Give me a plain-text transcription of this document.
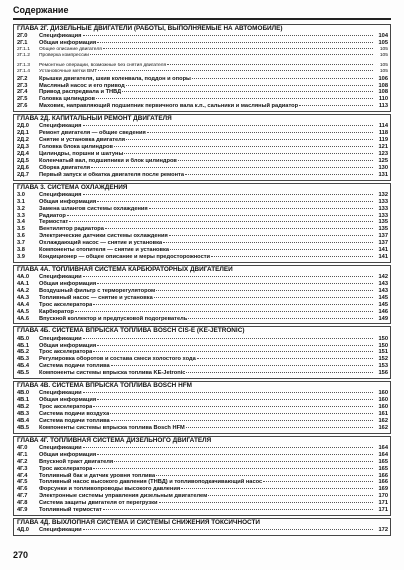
Содержание
ГЛАВА 2Г. ДИЗЕЛЬНЫЕ ДВИГАТЕЛИ (РАБОТЫ, ВЫПОЛНЯЕМЫЕ НА АВТОМОБИЛЕ)
2Г.0	Спецификация	104
2Г.1	Общая информация	105
2Г.1.1	Общее описание двигателя	105
2Г.1.2	Проверка компрессии	105
2Г.1.3	Ремонтные операции, возможные без снятия двигателя	105
2Г.1.4	Установочные метки ВМТ	105
2Г.2	Крышки двигателя, шкив коленвала, поддон и опоры	106
2Г.3	Масляный насос и его привод	108
2Г.4	Привод распредвала и ТНВД	108
2Г.5	Головка цилиндров	110
2Г.6	Маховик, направляющий подшипник первичного вала к.п., сальники и масляный радиатор	113
ГЛАВА 2Д. КАПИТАЛЬНЫЙ РЕМОНТ ДВИГАТЕЛЯ
2Д.0	Спецификация	114
2Д.1	Ремонт двигателя — общие сведения	118
2Д.2	Снятие и установка двигателя	119
2Д.3	Головка блока цилиндров	121
2Д.4	Цилиндры, поршни и шатуны	123
2Д.5	Коленчатый вал, подшипники и блок цилиндров	125
2Д.6	Сборка двигателя	130
2Д.7	Первый запуск и обкатка двигателя после ремонта	131
ГЛАВА 3. СИСТЕМА ОХЛАЖДЕНИЯ
3.0	Спецификация	132
3.1	Общая информация	133
3.2	Замена шлангов системы охлаждения	133
3.3	Радиатор	133
3.4	Термостат	135
3.5	Вентилятор радиатора	135
3.6	Электрические датчики системы охлаждения	137
3.7	Охлаждающий насос — снятие и установка	137
3.8	Компоненты отопителя — снятие и установка	141
3.9	Кондиционер — общее описание и меры предосторожности	141
ГЛАВА 4А. ТОПЛИВНАЯ СИСТЕМА КАРБЮРАТОРНЫХ ДВИГАТЕЛЕЙ
4А.0	Спецификации	142
4А.1	Общая информация	143
4А.2	Воздушный фильтр с терморегулятором	143
4А.3	Топливный насос — снятие и установка	145
4А.4	Трос акселератора	145
4А.5	Карбюратор	146
4А.6	Впускной коллектор и предпусковой подогреватель	149
ГЛАВА 4Б. СИСТЕМА ВПРЫСКА ТОПЛИВА BOSCH CIS-E (KE-JETRONIC)
4Б.0	Спецификации	150
4Б.1	Общая информация	150
4Б.2	Трос акселератора	151
4Б.3	Регулировка оборотов и состава смеси холостого хода	152
4Б.4	Система подачи топлива	153
4Б.5	Компоненты системы впрыска топлива KE-Jetronic	156
ГЛАВА 4В. СИСТЕМА ВПРЫСКА ТОПЛИВА BOSCH HFM
4В.0	Спецификации	160
4В.1	Общая информация	160
4В.2	Трос акселератора	160
4В.3	Система подачи воздуха	161
4В.4	Система подачи топлива	162
4В.5	Компоненты системы впрыска топлива Bosch HFM	162
ГЛАВА 4Г. ТОПЛИВНАЯ СИСТЕМА ДИЗЕЛЬНОГО ДВИГАТЕЛЯ
4Г.0	Спецификации	164
4Г.1	Общая информация	164
4Г.2	Впускной тракт двигателя	165
4Г.3	Трос акселератора	165
4Г.4	Топливный бак и датчик уровня топлива	166
4Г.5	Топливный насос высокого давления (ТНВД) и топливоподкачивающий насос	166
4Г.6	Форсунки и топливопроводы высокого давления	169
4Г.7	Электронные системы управления дизельным двигателем	170
4Г.8	Система защиты двигателя от перегрузки	171
4Г.9	Топливный термостат	171
ГЛАВА 4Д. ВЫХЛОПНАЯ СИСТЕМА И СИСТЕМЫ СНИЖЕНИЯ ТОКСИЧНОСТИ
4Д.0	Спецификации	172
270
